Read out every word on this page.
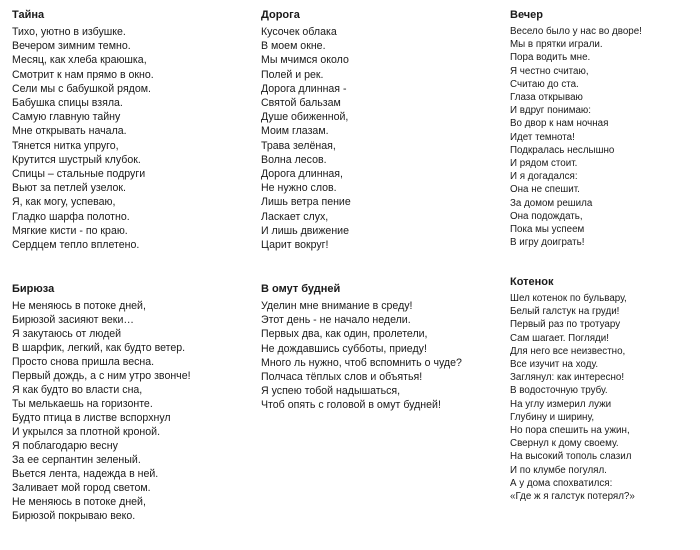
Тайна
Тихо, уютно в избушке.
Вечером зимним темно.
Месяц, как хлеба краюшка,
Смотрит к нам прямо в окно.
Сели мы с бабушкой рядом.
Бабушка спицы взяла.
Самую главную тайну
Мне открывать начала.
Тянется нитка упруго,
Крутится шустрый клубок.
Спицы – стальные подруги
Вьют за петлей узелок.
Я, как могу, успеваю,
Гладко шарфа полотно.
Мягкие кисти - по краю.
Сердцем тепло вплетено.
Дорога
Кусочек облака
В моем окне.
Мы мчимся около
Полей и рек.
Дорога длинная -
Святой бальзам
Душе обиженной,
Моим глазам.
Трава зелёная,
Волна лесов.
Дорога длинная,
Не нужно слов.
Лишь ветра пение
Ласкает слух,
И лишь движение
Царит вокруг!
Вечер
Весело было у нас во дворе!
Мы в прятки играли.
Пора водить мне.
Я честно считаю,
Считаю до ста.
Глаза открываю
И вдруг понимаю:
Во двор к нам ночная
Идет темнота!
Подкралась неслышно
И рядом стоит.
И я догадался:
Она не спешит.
За домом решила
Она подождать,
Пока мы успеем
В игру доиграть!
Бирюза
Не меняюсь в потоке дней,
Бирюзой засияют веки…
Я закутаюсь от людей
В шарфик, легкий, как будто ветер.
Просто снова пришла весна.
Первый дождь, а с ним утро звонче!
Я как будто во власти сна,
Ты мелькаешь на горизонте.
Будто птица в листве вспорхнул
И укрылся за плотной кроной.
Я поблагодарю весну
За ее серпантин зеленый.
Вьется лента, надежда в ней.
Заливает мой город светом.
Не меняюсь в потоке дней,
Бирюзой покрываю веко.
В омут будней
Уделин мне внимание в среду!
Этот день - не начало недели.
Первых два, как один, пролетели,
Не дождавшись субботы, приеду!
Много ль нужно, чтоб вспомнить о чуде?
Полчаса тёплых слов и объятья!
Я успею тобой надышаться,
Чтоб опять с головой в омут будней!
Котенок
Шел котенок по бульвару,
Белый галстук на груди!
Первый раз по тротуару
Сам шагает. Погляди!
Для него все неизвестно,
Все изучит на ходу.
Заглянул: как интересно!
В водосточную трубу.
На углу измерил лужи
Глубину и ширину,
Но пора спешить на ужин,
Свернул к дому своему.
На высокий тополь слазил
И по клумбе погулял.
А у дома спохватился:
«Где ж я галстук потерял?»
